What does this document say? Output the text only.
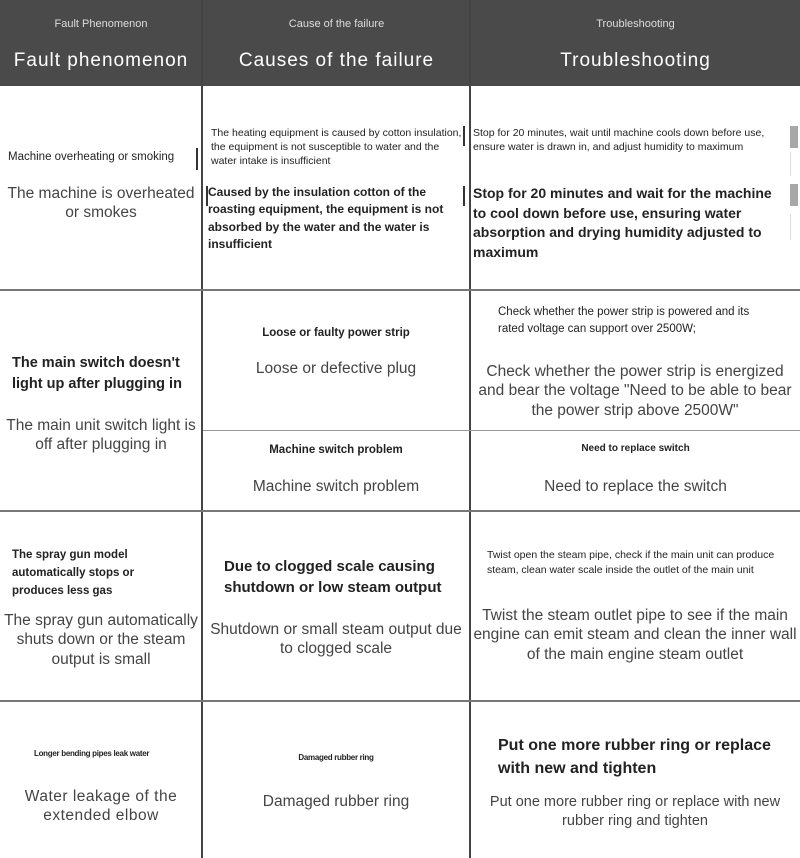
Fault Phenomenon
Fault phenomenon
Cause of the failure
Causes of the failure
Troubleshooting
Troubleshooting
Machine overheating or smoking
The machine is overheated or smokes
The heating equipment is caused by cotton insulation, the equipment is not susceptible to water and the water intake is insufficient
Caused by the insulation cotton of the roasting equipment, the equipment is not absorbed by the water and the water is insufficient
Stop for 20 minutes, wait until machine cools down before use, ensure water is drawn in, and adjust humidity to maximum
Stop for 20 minutes and wait for the machine to cool down before use, ensuring water absorption and drying humidity adjusted to maximum
The main switch doesn't light up after plugging in
The main unit switch light is off after plugging in
Loose or faulty power strip
Loose or defective plug
Check whether the power strip is powered and its rated voltage can support over 2500W;
Check whether the power strip is energized and bear the voltage "Need to be able to bear the power strip above 2500W"
Machine switch problem
Machine switch problem
Need to replace switch
Need to replace the switch
The spray gun model automatically stops or produces less gas
The spray gun automatically shuts down or the steam output is small
Due to clogged scale causing shutdown or low steam output
Shutdown or small steam output due to clogged scale
Twist open the steam pipe, check if the main unit can produce steam, clean water scale inside the outlet of the main unit
Twist the steam outlet pipe to see if the main engine can emit steam and clean the inner wall of the main engine steam outlet
Longer bending pipes leak water
Water leakage of the extended elbow
Damaged rubber ring
Damaged rubber ring
Put one more rubber ring or replace with new and tighten
Put one more rubber ring or replace with new rubber ring and tighten
